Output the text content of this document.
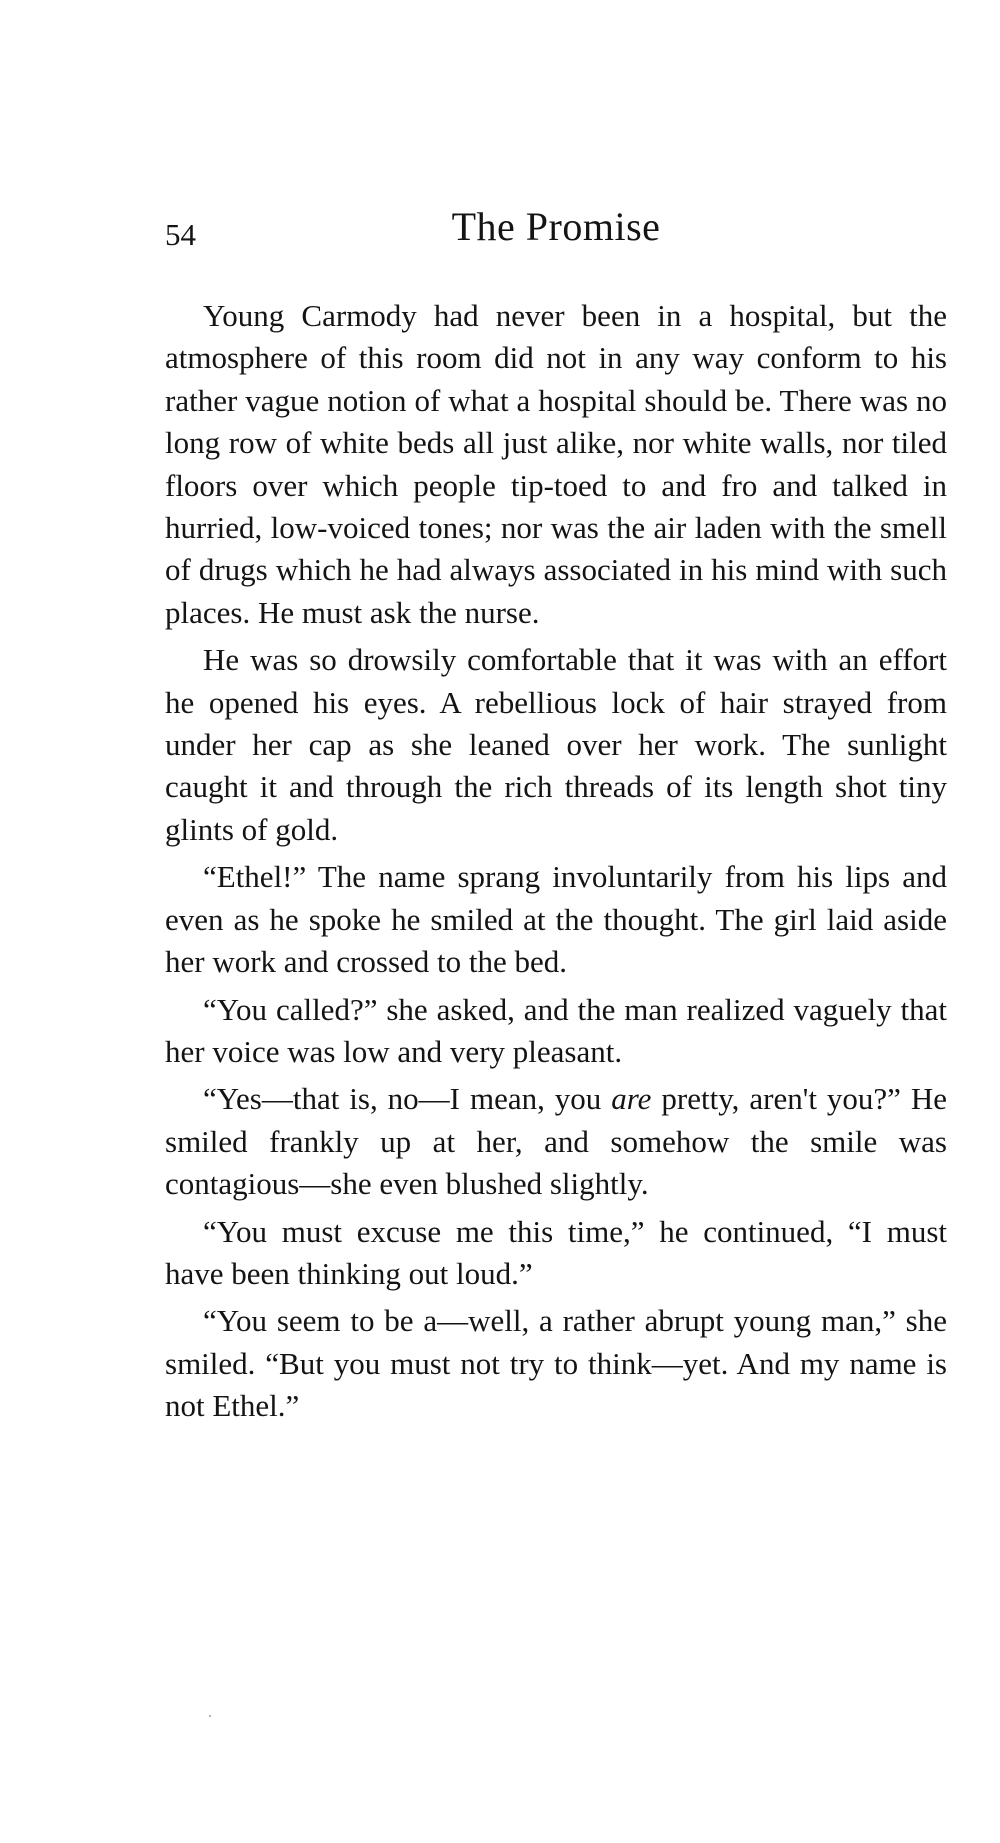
54	The Promise

Young Carmody had never been in a hospital, but the atmosphere of this room did not in any way conform to his rather vague notion of what a hospital should be. There was no long row of white beds all just alike, nor white walls, nor tiled floors over which people tip-toed to and fro and talked in hurried, low-voiced tones; nor was the air laden with the smell of drugs which he had always associated in his mind with such places. He must ask the nurse.

He was so drowsily comfortable that it was with an effort he opened his eyes. A rebellious lock of hair strayed from under her cap as she leaned over her work. The sunlight caught it and through the rich threads of its length shot tiny glints of gold.

“Ethel!” The name sprang involuntarily from his lips and even as he spoke he smiled at the thought. The girl laid aside her work and crossed to the bed.

“You called?” she asked, and the man realized vaguely that her voice was low and very pleasant.

“Yes—that is, no—I mean, you are pretty, aren't you?” He smiled frankly up at her, and somehow the smile was contagious—she even blushed slightly.

“You must excuse me this time,” he continued, “I must have been thinking out loud.”

“You seem to be a—well, a rather abrupt young man,” she smiled. “But you must not try to think—yet. And my name is not Ethel.”
